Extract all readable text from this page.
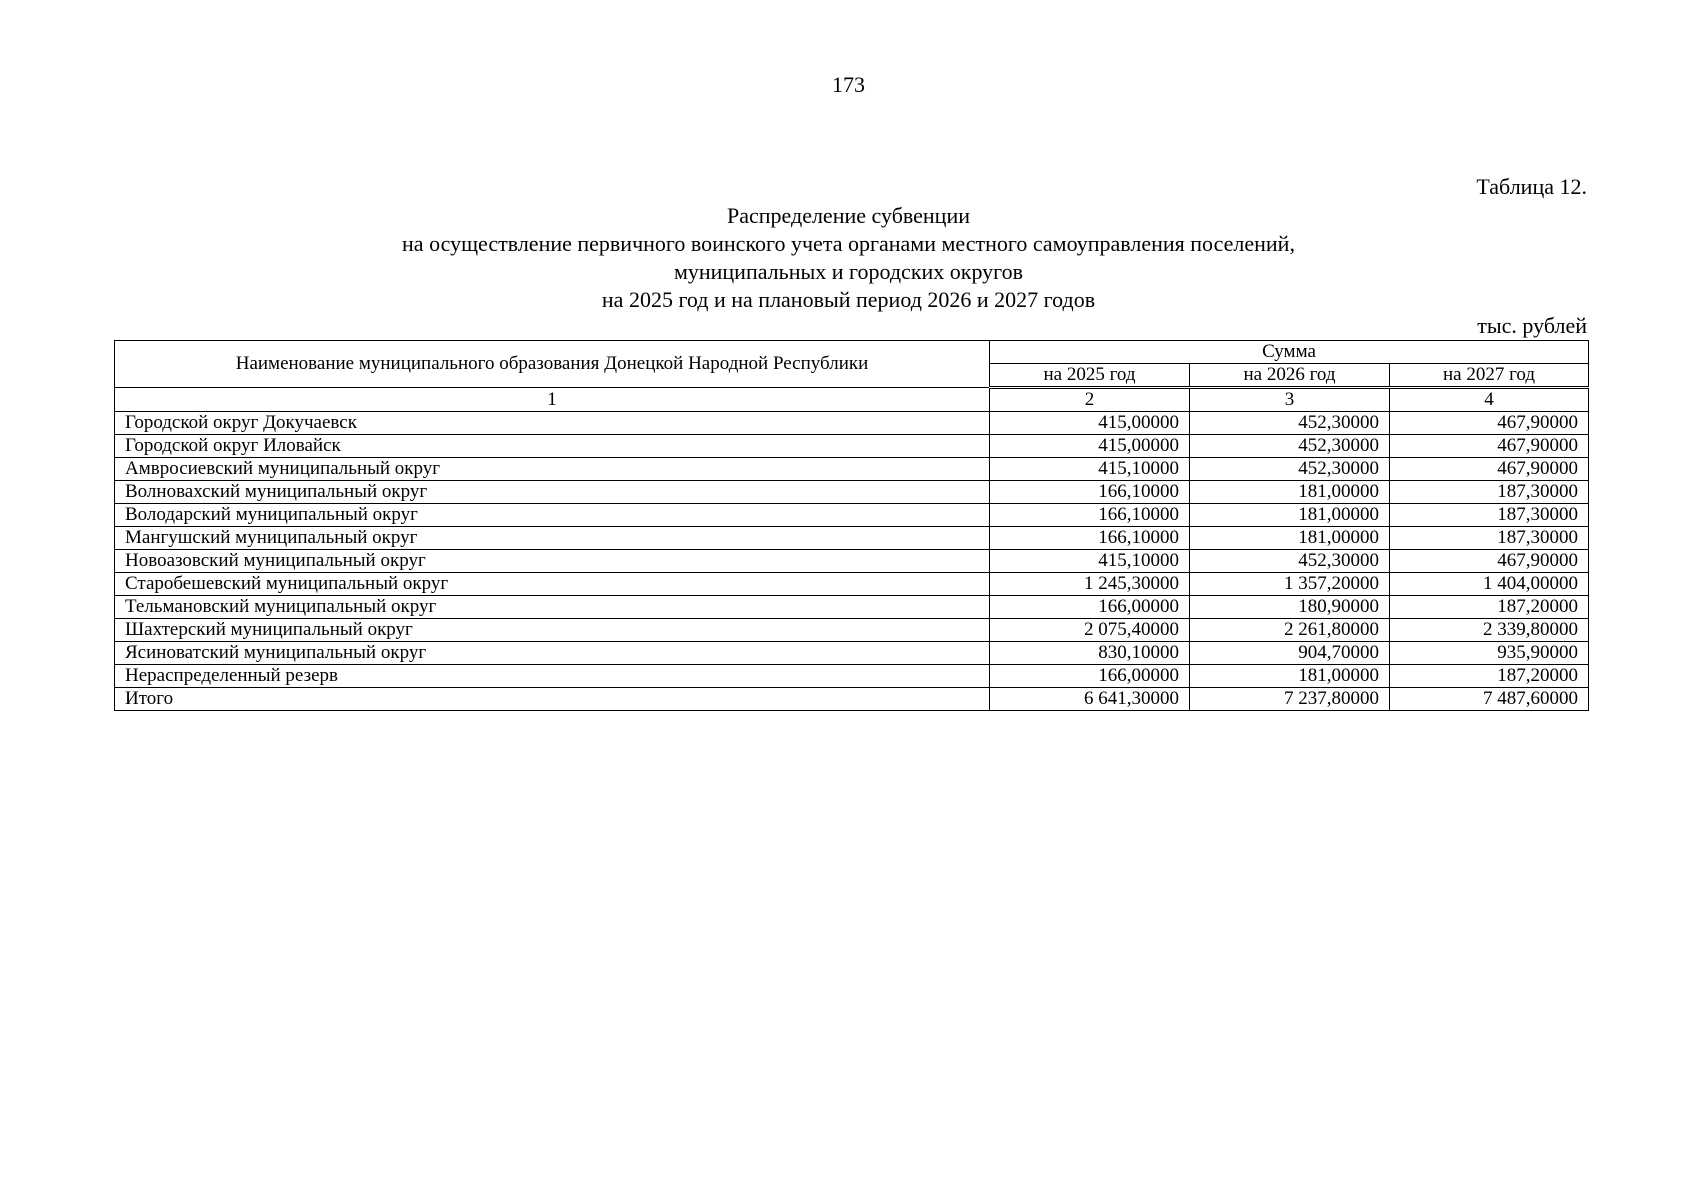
173
Таблица 12.
Распределение субвенции
на осуществление первичного воинского учета органами местного самоуправления поселений,
муниципальных и городских округов
на 2025 год и на плановый период 2026 и 2027 годов
тыс. рублей
Наименование муниципального образования Донецкой Народной Республики	Сумма		
	на 2025 год	на 2026 год	на 2027 год
1	2	3	4
Городской округ Докучаевск	415,00000	452,30000	467,90000
Городской округ Иловайск	415,00000	452,30000	467,90000
Амвросиевский муниципальный округ	415,10000	452,30000	467,90000
Волновахский муниципальный округ	166,10000	181,00000	187,30000
Володарский муниципальный округ	166,10000	181,00000	187,30000
Мангушский муниципальный округ	166,10000	181,00000	187,30000
Новоазовский муниципальный округ	415,10000	452,30000	467,90000
Старобешевский муниципальный округ	1 245,30000	1 357,20000	1 404,00000
Тельмановский муниципальный округ	166,00000	180,90000	187,20000
Шахтерский муниципальный округ	2 075,40000	2 261,80000	2 339,80000
Ясиноватский муниципальный округ	830,10000	904,70000	935,90000
Нераспределенный резерв	166,00000	181,00000	187,20000
Итого	6 641,30000	7 237,80000	7 487,60000
